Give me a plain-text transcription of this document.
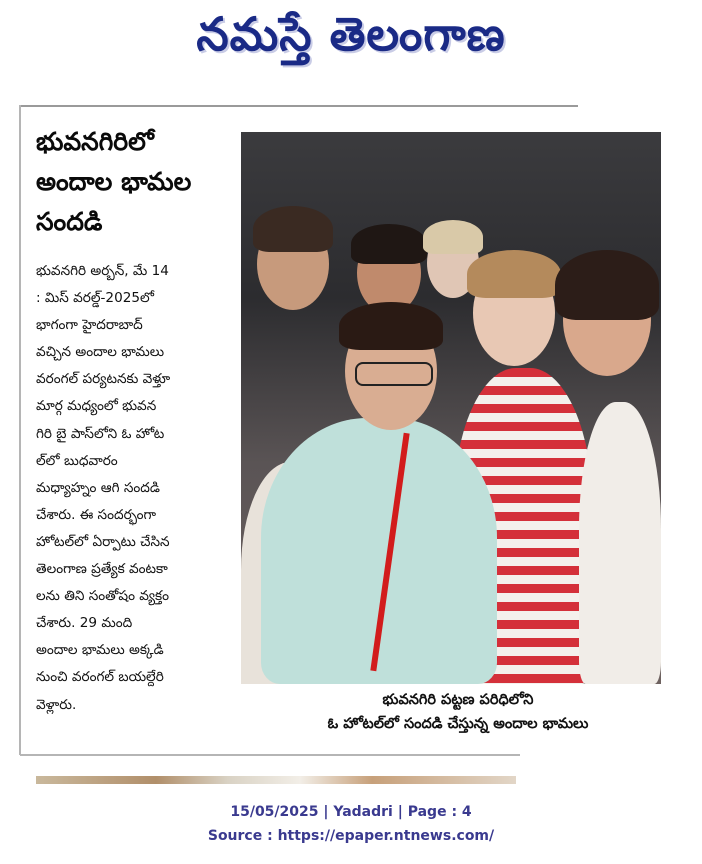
నమస్తే తెలంగాణ
భువనగిరిలో
అందాల భామల
సందడి
భువనగిరి అర్బన్, మే 14
: మిస్ వరల్డ్-2025లో
భాగంగా హైదరాబాద్
వచ్చిన అందాల భామలు
వరంగల్ పర్యటనకు వెళ్తూ
మార్గ మధ్యంలో భువన
గిరి బై పాస్‌లోని ఓ హోట
ల్‌లో బుధవారం
మధ్యాహ్నం ఆగి సందడి
చేశారు. ఈ సందర్భంగా
హోటల్‌లో ఏర్పాటు చేసిన
తెలంగాణ ప్రత్యేక వంటకా
లను తిని సంతోషం వ్యక్తం
చేశారు. 29 మంది
అందాల భామలు అక్కడి
నుంచి వరంగల్ బయల్దేరి
వెళ్లారు.	భువనగిరి పట్టణ పరిధిలోని
ఓ హోటల్‌లో సందడి చేస్తున్న అందాల భామలు
15/05/2025 | Yadadri | Page : 4
Source : https://epaper.ntnews.com/
